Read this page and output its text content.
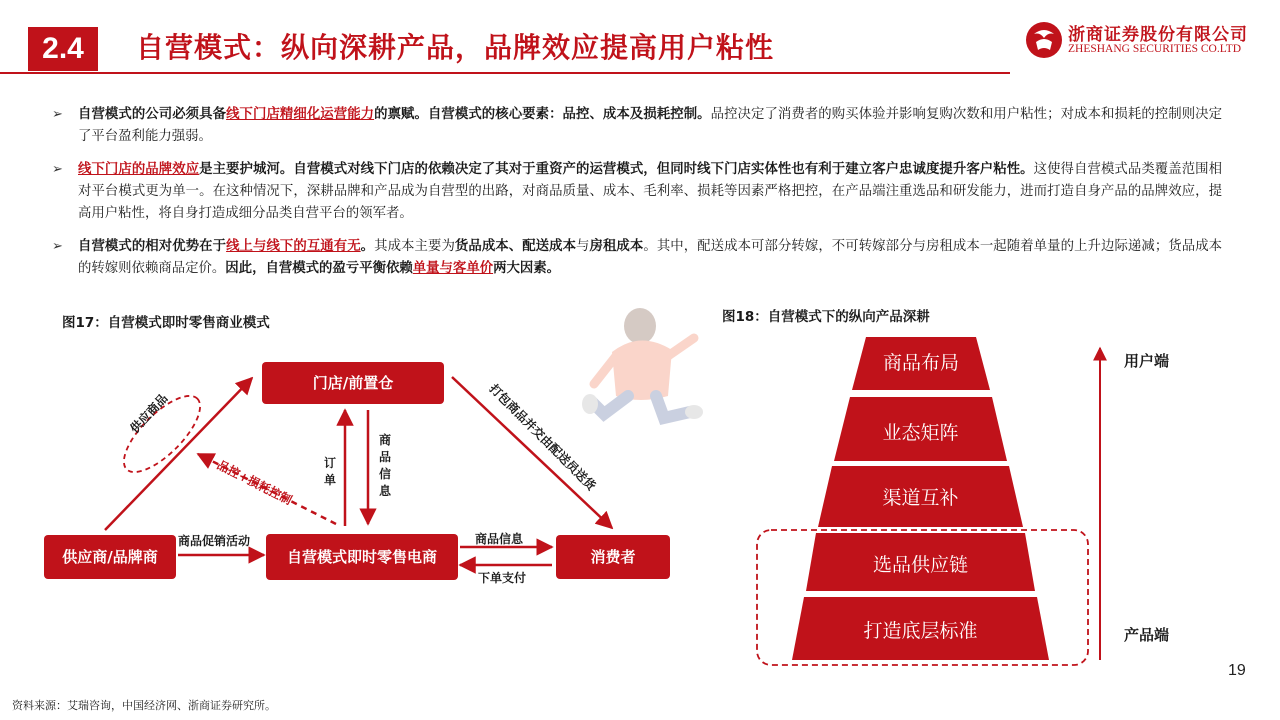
2.4	自营模式：纵向深耕产品，品牌效应提高用户粘性	浙商证券股份有限公司
ZHESHANG SECURITIES CO.LTD
➢ 自营模式的公司必须具备线下门店精细化运营能力的禀赋。自营模式的核心要素：品控、成本及损耗控制。品控决定了消费者的购买体验并影响复购次数和用户粘性；对成本和损耗的控制则决定了平台盈利能力强弱。
➢ 线下门店的品牌效应是主要护城河。自营模式对线下门店的依赖决定了其对于重资产的运营模式，但同时线下门店实体性也有利于建立客户忠诚度提升客户粘性。这使得自营模式品类覆盖范围相对平台模式更为单一。在这种情况下，深耕品牌和产品成为自营型的出路，对商品质量、成本、毛利率、损耗等因素严格把控，在产品端注重选品和研发能力，进而打造自身产品的品牌效应，提高用户粘性，将自身打造成细分品类自营平台的领军者。
➢ 自营模式的相对优势在于线上与线下的互通有无。其成本主要为货品成本、配送成本与房租成本。其中，配送成本可部分转嫁，不可转嫁部分与房租成本一起随着单量的上升边际递减；货品成本的转嫁则依赖商品定价。因此，自营模式的盈亏平衡依赖单量与客单价两大因素。
图17：自营模式即时零售商业模式
门店/前置仓
供应商/品牌商	自营模式即时零售电商	消费者
供应商品
品控+损耗控制 订单
商品信息	打包商品并交由配送员送货
商品促销活动	商品信息
下单支付
图18：自营模式下的纵向产品深耕
商品布局
业态矩阵
渠道互补
选品供应链
打造底层标准
用户端
产品端
19
资料来源：艾瑞咨询，中国经济网、浙商证券研究所。
